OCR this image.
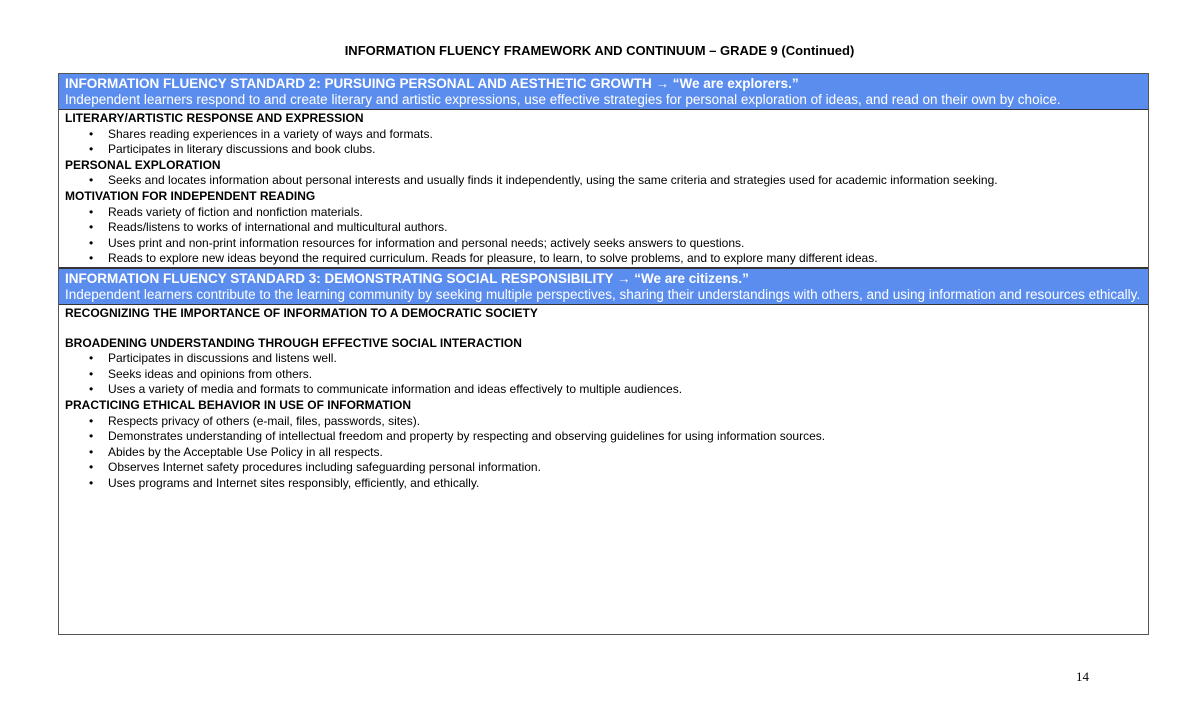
INFORMATION FLUENCY FRAMEWORK AND CONTINUUM – GRADE 9 (Continued)
INFORMATION FLUENCY STANDARD 2: PURSUING PERSONAL AND AESTHETIC GROWTH → “We are explorers.”
Independent learners respond to and create literary and artistic expressions, use effective strategies for personal exploration of ideas, and read on their own by choice.
LITERARY/ARTISTIC RESPONSE AND EXPRESSION
• Shares reading experiences in a variety of ways and formats.
• Participates in literary discussions and book clubs.
PERSONAL EXPLORATION
• Seeks and locates information about personal interests and usually finds it independently, using the same criteria and strategies used for academic information seeking.
MOTIVATION FOR INDEPENDENT READING
• Reads variety of fiction and nonfiction materials.
• Reads/listens to works of international and multicultural authors.
• Uses print and non-print information resources for information and personal needs; actively seeks answers to questions.
• Reads to explore new ideas beyond the required curriculum. Reads for pleasure, to learn, to solve problems, and to explore many different ideas.
INFORMATION FLUENCY STANDARD 3: DEMONSTRATING SOCIAL RESPONSIBILITY → “We are citizens.”
Independent learners contribute to the learning community by seeking multiple perspectives, sharing their understandings with others, and using information and resources ethically.
RECOGNIZING THE IMPORTANCE OF INFORMATION TO A DEMOCRATIC SOCIETY
BROADENING UNDERSTANDING THROUGH EFFECTIVE SOCIAL INTERACTION
• Participates in discussions and listens well.
• Seeks ideas and opinions from others.
• Uses a variety of media and formats to communicate information and ideas effectively to multiple audiences.
PRACTICING ETHICAL BEHAVIOR IN USE OF INFORMATION
• Respects privacy of others (e-mail, files, passwords, sites).
• Demonstrates understanding of intellectual freedom and property by respecting and observing guidelines for using information sources.
• Abides by the Acceptable Use Policy in all respects.
• Observes Internet safety procedures including safeguarding personal information.
• Uses programs and Internet sites responsibly, efficiently, and ethically.
14
